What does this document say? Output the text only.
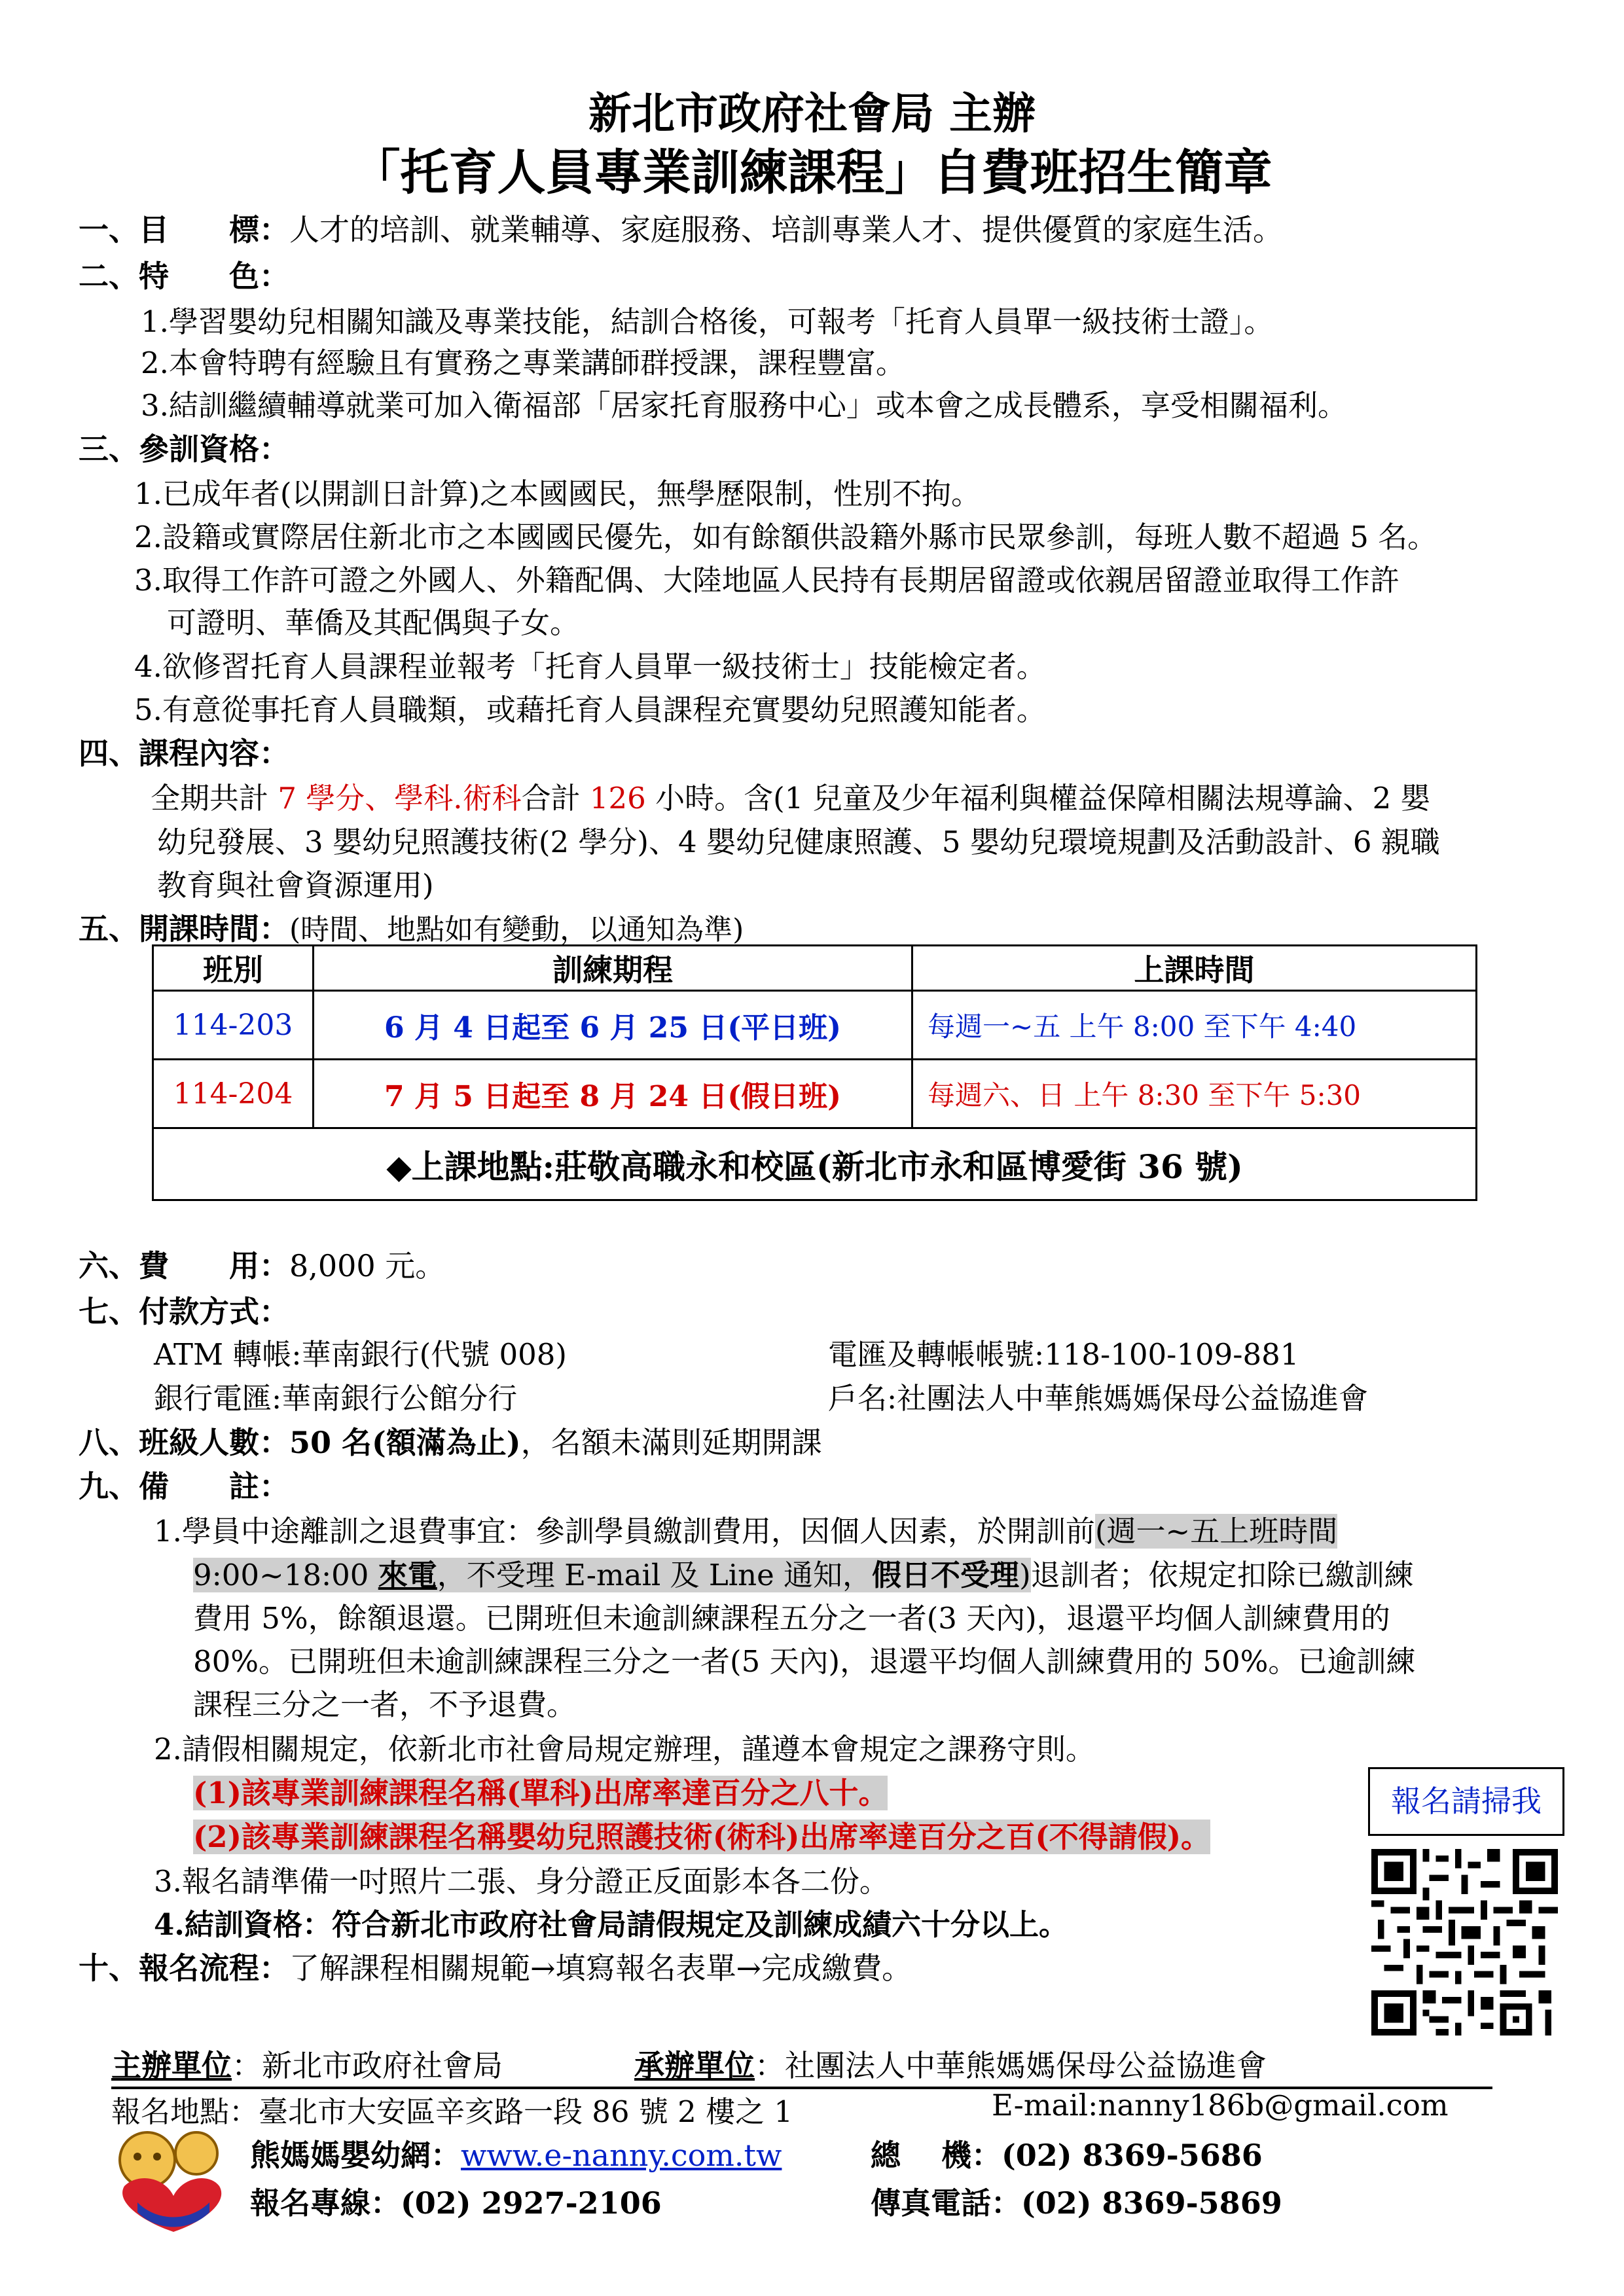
新北市政府社會局 主辦
「托育人員專業訓練課程」自費班招生簡章
一、目　　標：人才的培訓、就業輔導、家庭服務、培訓專業人才、提供優質的家庭生活。
二、特　　色：
1.學習嬰幼兒相關知識及專業技能，結訓合格後，可報考「托育人員單一級技術士證」。
2.本會特聘有經驗且有實務之專業講師群授課，課程豐富。
3.結訓繼續輔導就業可加入衛福部「居家托育服務中心」或本會之成長體系，享受相關福利。
三、參訓資格：
1.已成年者(以開訓日計算)之本國國民，無學歷限制，性別不拘。
2.設籍或實際居住新北市之本國國民優先，如有餘額供設籍外縣市民眾參訓，每班人數不超過 5 名。
3.取得工作許可證之外國人、外籍配偶、大陸地區人民持有長期居留證或依親居留證並取得工作許
可證明、華僑及其配偶與子女。
4.欲修習托育人員課程並報考「托育人員單一級技術士」技能檢定者。
5.有意從事托育人員職類，或藉托育人員課程充實嬰幼兒照護知能者。
四、課程內容：
全期共計 7 學分、學科.術科合計 126 小時。含(1 兒童及少年福利與權益保障相關法規導論、2 嬰
幼兒發展、3 嬰幼兒照護技術(2 學分)、4 嬰幼兒健康照護、5 嬰幼兒環境規劃及活動設計、6 親職
教育與社會資源運用)
五、開課時間：(時間、地點如有變動，以通知為準)
班別	訓練期程	上課時間
114-203	6 月 4 日起至 6 月 25 日(平日班)	每週一~五 上午 8:00 至下午 4:40
114-204	7 月 5 日起至 8 月 24 日(假日班)	每週六、日 上午 8:30 至下午 5:30
◆上課地點:莊敬高職永和校區(新北市永和區博愛街 36 號)		
六、費　　用：8,000 元。
七、付款方式：
ATM 轉帳:華南銀行(代號 008)	電匯及轉帳帳號:118-100-109-881
銀行電匯:華南銀行公館分行	戶名:社團法人中華熊媽媽保母公益協進會
八、班級人數：50 名(額滿為止)，名額未滿則延期開課
九、備　　註：
1.學員中途離訓之退費事宜：參訓學員繳訓費用，因個人因素，於開訓前(週一~五上班時間
9:00~18:00 來電，不受理 E-mail 及 Line 通知，假日不受理)退訓者；依規定扣除已繳訓練
費用 5%，餘額退還。已開班但未逾訓練課程五分之一者(3 天內)，退還平均個人訓練費用的
80%。已開班但未逾訓練課程三分之一者(5 天內)，退還平均個人訓練費用的 50%。已逾訓練
課程三分之一者，不予退費。
2.請假相關規定，依新北市社會局規定辦理，謹遵本會規定之課務守則。
(1)該專業訓練課程名稱(單科)出席率達百分之八十。
(2)該專業訓練課程名稱嬰幼兒照護技術(術科)出席率達百分之百(不得請假)。
3.報名請準備一吋照片二張、身分證正反面影本各二份。
4.結訓資格：符合新北市政府社會局請假規定及訓練成績六十分以上。
十、報名流程：了解課程相關規範→填寫報名表單→完成繳費。
報名請掃我
主辦單位：新北市政府社會局	承辦單位：社團法人中華熊媽媽保母公益協進會
報名地點：臺北市大安區辛亥路一段 86 號 2 樓之 1	E-mail:nanny186b@gmail.com
熊媽媽嬰幼網：www.e-nanny.com.tw	總　 機：(02) 8369-5686
報名專線：(02) 2927-2106	傳真電話：(02) 8369-5869
